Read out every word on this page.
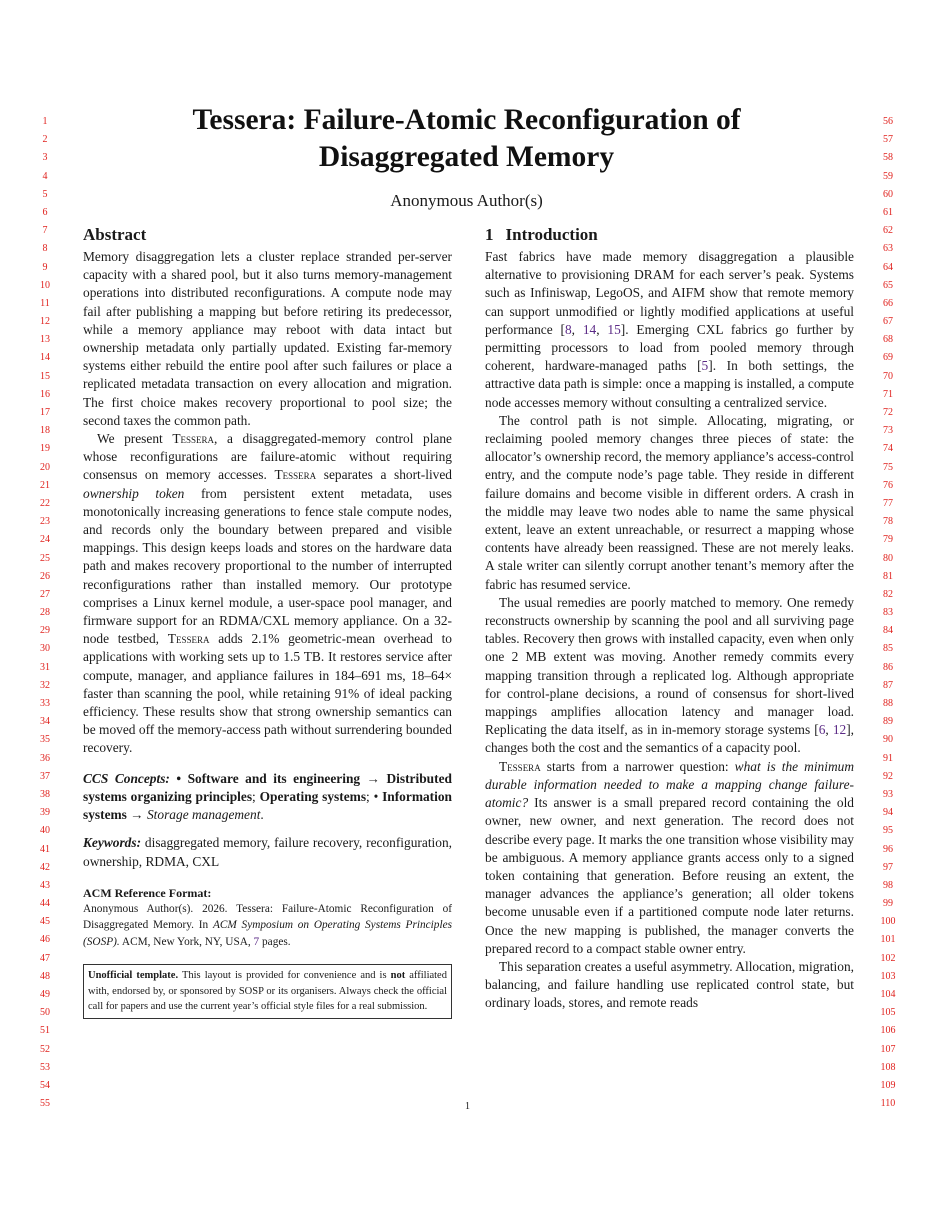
1
2
3
4
5
6
7
8
9
10
11
12
13
14
15
16
17
18
19
20
21
22
23
24
25
26
27
28
29
30
31
32
33
34
35
36
37
38
39
40
41
42
43
44
45
46
47
48
49
50
51
52
53
54
55
56
57
58
59
60
61
62
63
64
65
66
67
68
69
70
71
72
73
74
75
76
77
78
79
80
81
82
83
84
85
86
87
88
89
90
91
92
93
94
95
96
97
98
99
100
101
102
103
104
105
106
107
108
109
110
Tessera: Failure-Atomic Reconfiguration of
Disaggregated Memory
Anonymous Author(s)
Abstract

Memory disaggregation lets a cluster replace stranded per-server capacity with a shared pool, but it also turns memory-management operations into distributed reconfigurations. A compute node may fail after publishing a mapping but before retiring its predecessor, while a memory appliance may reboot with data intact but ownership metadata only partially updated. Existing far-memory systems either rebuild the entire pool after such failures or place a replicated metadata transaction on every allocation and migration. The first choice makes recovery proportional to pool size; the second taxes the common path.

We present Tessera, a disaggregated-memory control plane whose reconfigurations are failure-atomic without requiring consensus on memory accesses. Tessera separates a short-lived ownership token from persistent extent metadata, uses monotonically increasing generations to fence stale compute nodes, and records only the boundary between prepared and visible mappings. This design keeps loads and stores on the hardware data path and makes recovery proportional to the number of interrupted reconfigurations rather than installed memory. Our prototype comprises a Linux kernel module, a user-space pool manager, and firmware support for an RDMA/CXL memory appliance. On a 32-node testbed, Tessera adds 2.1% geometric-mean overhead to applications with working sets up to 1.5 TB. It restores service after compute, manager, and appliance failures in 184–691 ms, 18–64× faster than scanning the pool, while retaining 91% of ideal packing efficiency. These results show that strong ownership semantics can be moved off the memory-access path without surrendering bounded recovery.

CCS Concepts: • Software and its engineering → Distributed systems organizing principles; Operating systems; • Information systems → Storage management.

Keywords: disaggregated memory, failure recovery, reconfiguration, ownership, RDMA, CXL

ACM Reference Format:

Anonymous Author(s). 2026. Tessera: Failure-Atomic Reconfiguration of Disaggregated Memory. In ACM Symposium on Operating Systems Principles (SOSP). ACM, New York, NY, USA, 7 pages.

Unofficial template. This layout is provided for convenience and is not affiliated with, endorsed by, or sponsored by SOSP or its organisers. Always check the official call for papers and use the current year’s official style files for a real submission.
1 Introduction

Fast fabrics have made memory disaggregation a plausible alternative to provisioning DRAM for each server’s peak. Systems such as Infiniswap, LegoOS, and AIFM show that remote memory can support unmodified or lightly modified applications at useful performance [8, 14, 15]. Emerging CXL fabrics go further by permitting processors to load from pooled memory through coherent, hardware-managed paths [5]. In both settings, the attractive data path is simple: once a mapping is installed, a compute node accesses memory without consulting a centralized service.

The control path is not simple. Allocating, migrating, or reclaiming pooled memory changes three pieces of state: the allocator’s ownership record, the memory appliance’s access-control entry, and the compute node’s page table. They reside in different failure domains and become visible in different orders. A crash in the middle may leave two nodes able to name the same physical extent, leave an extent unreachable, or resurrect a mapping whose contents have already been reassigned. These are not merely leaks. A stale writer can silently corrupt another tenant’s memory after the fabric has resumed service.

The usual remedies are poorly matched to memory. One remedy reconstructs ownership by scanning the pool and all surviving page tables. Recovery then grows with installed capacity, even when only one 2 MB extent was moving. Another remedy commits every mapping transition through a replicated log. Although appropriate for control-plane decisions, a round of consensus for short-lived mappings amplifies allocation latency and manager load. Replicating the data itself, as in in-memory storage systems [6, 12], changes both the cost and the semantics of a capacity pool.

Tessera starts from a narrower question: what is the minimum durable information needed to make a mapping change failure-atomic? Its answer is a small prepared record containing the old owner, new owner, and next generation. The record does not describe every page. It marks the one transition whose visibility may be ambiguous. A memory appliance grants access only to a signed token containing that generation. Before reusing an extent, the manager advances the appliance’s generation; all older tokens become unusable even if a partitioned compute node later returns. Once the new mapping is published, the manager converts the prepared record to a compact stable owner entry.

This separation creates a useful asymmetry. Allocation, migration, balancing, and failure handling use replicated control state, but ordinary loads, stores, and remote reads

1
